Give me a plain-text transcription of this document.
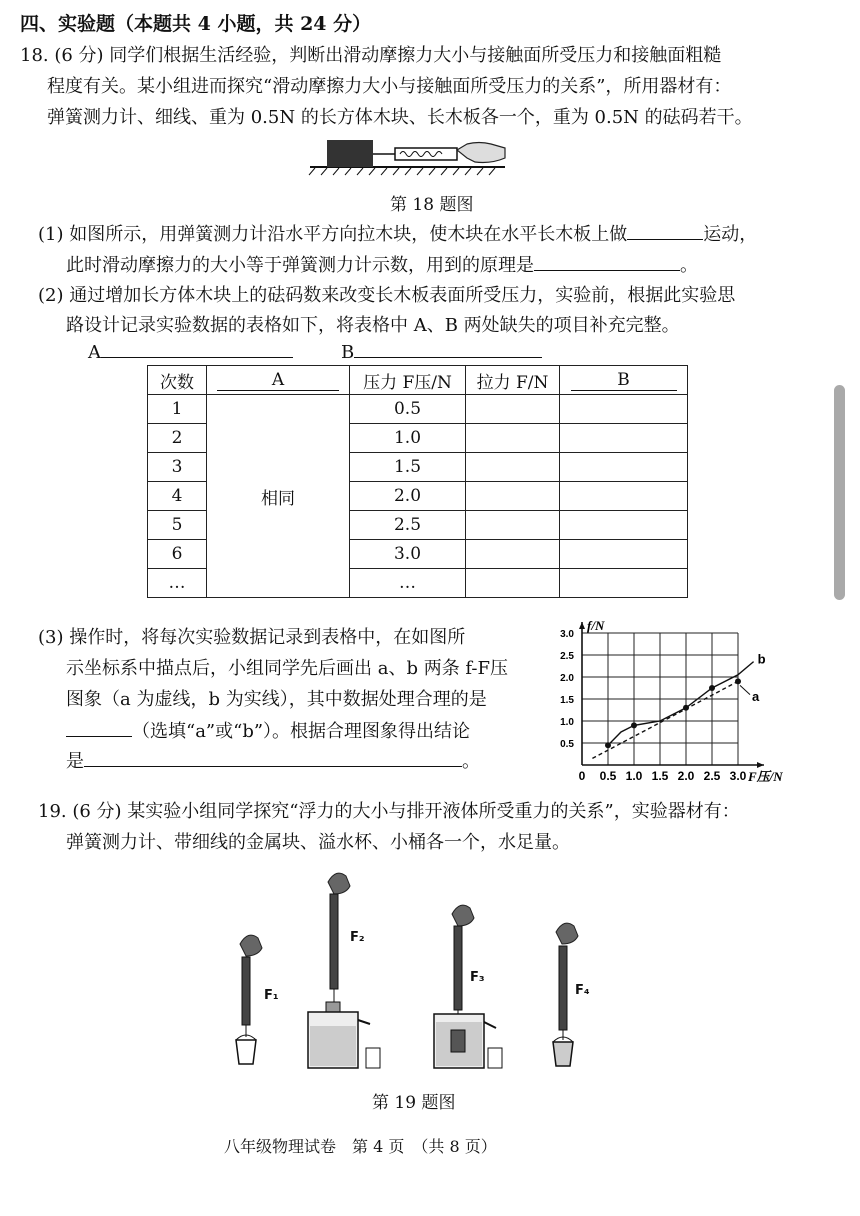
四、实验题（本题共 4 小题，共 24 分）
18. (6 分) 同学们根据生活经验，判断出滑动摩擦力大小与接触面所受压力和接触面粗糙
程度有关。某小组进而探究“滑动摩擦力大小与接触面所受压力的关系”，所用器材有：
弹簧测力计、细线、重为 0.5N 的长方体木块、长木板各一个，重为 0.5N 的砝码若干。
第 18 题图
(1) 如图所示，用弹簧测力计沿水平方向拉木块，使木块在水平长木板上做	运动，
此时滑动摩擦力的大小等于弹簧测力计示数，用到的原理是	。
(2) 通过增加长方体木块上的砝码数来改变长木板表面所受压力，实验前，根据此实验思
路设计记录实验数据的表格如下，将表格中 A、B 两处缺失的项目补充完整。
A	B
次数	A	压力 F压/N	拉力 F/N	B
1	相同	0.5		
2		1.0		
3		1.5		
4		2.0		
5		2.5		
6		3.0		
…		…		
(3) 操作时，将每次实验数据记录到表格中，在如图所
示坐标系中描点后，小组同学先后画出 a、b 两条 f-F压
图象（a 为虚线，b 为实线），其中数据处理合理的是
（选填“a”或“b”）。根据合理图象得出结论
是	。
0 0.5 1.0 1.5 2.0 2.5 3.0
0.5
1.0
1.5
2.0
2.5
3.0
f/N
F压/N
b
a
19. (6 分) 某实验小组同学探究“浮力的大小与排开液体所受重力的关系”，实验器材有：
弹簧测力计、带细线的金属块、溢水杯、小桶各一个，水足量。
F₁
F₂
F₃
F₄
第 19 题图
八年级物理试卷　第 4 页　（共 8 页）
